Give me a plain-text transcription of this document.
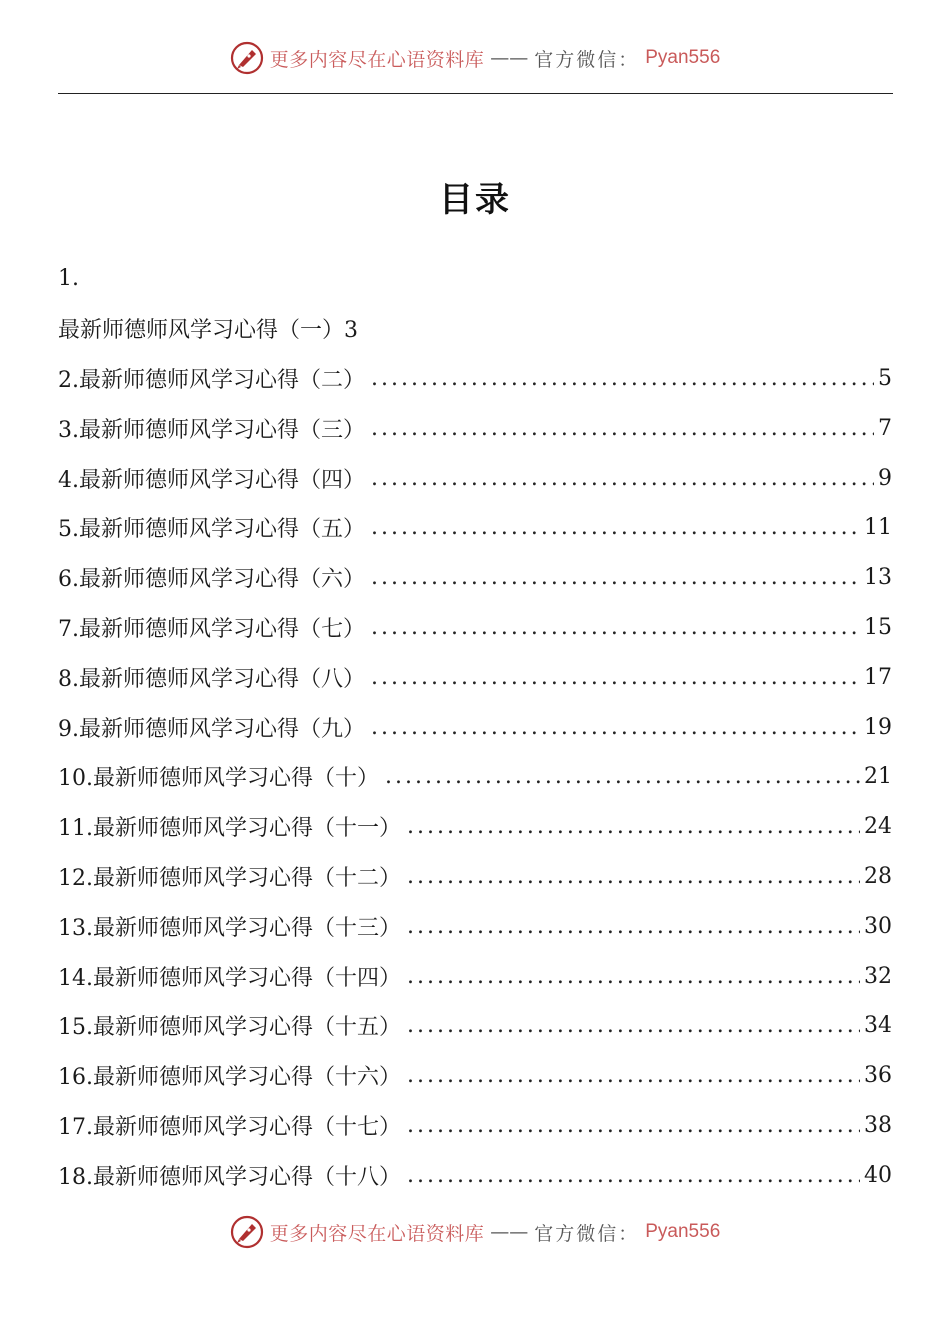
更多内容尽在心语资料库 —— 官方微信： Pyan556
目录
1.
最新师德师风学习心得（一）3
2.最新师德师风学习心得（二） .....	5
3.最新师德师风学习心得（三） .....	7
4.最新师德师风学习心得（四） .....	9
5.最新师德师风学习心得（五） .....	11
6.最新师德师风学习心得（六） .....	13
7.最新师德师风学习心得（七） .....	15
8.最新师德师风学习心得（八） .....	17
9.最新师德师风学习心得（九） .....	19
10.最新师德师风学习心得（十） .....	21
11.最新师德师风学习心得（十一） .....	24
12.最新师德师风学习心得（十二） .....	28
13.最新师德师风学习心得（十三） .....	30
14.最新师德师风学习心得（十四） .....	32
15.最新师德师风学习心得（十五） .....	34
16.最新师德师风学习心得（十六） .....	36
17.最新师德师风学习心得（十七） .....	38
18.最新师德师风学习心得（十八） .....	40
更多内容尽在心语资料库 —— 官方微信： Pyan556
